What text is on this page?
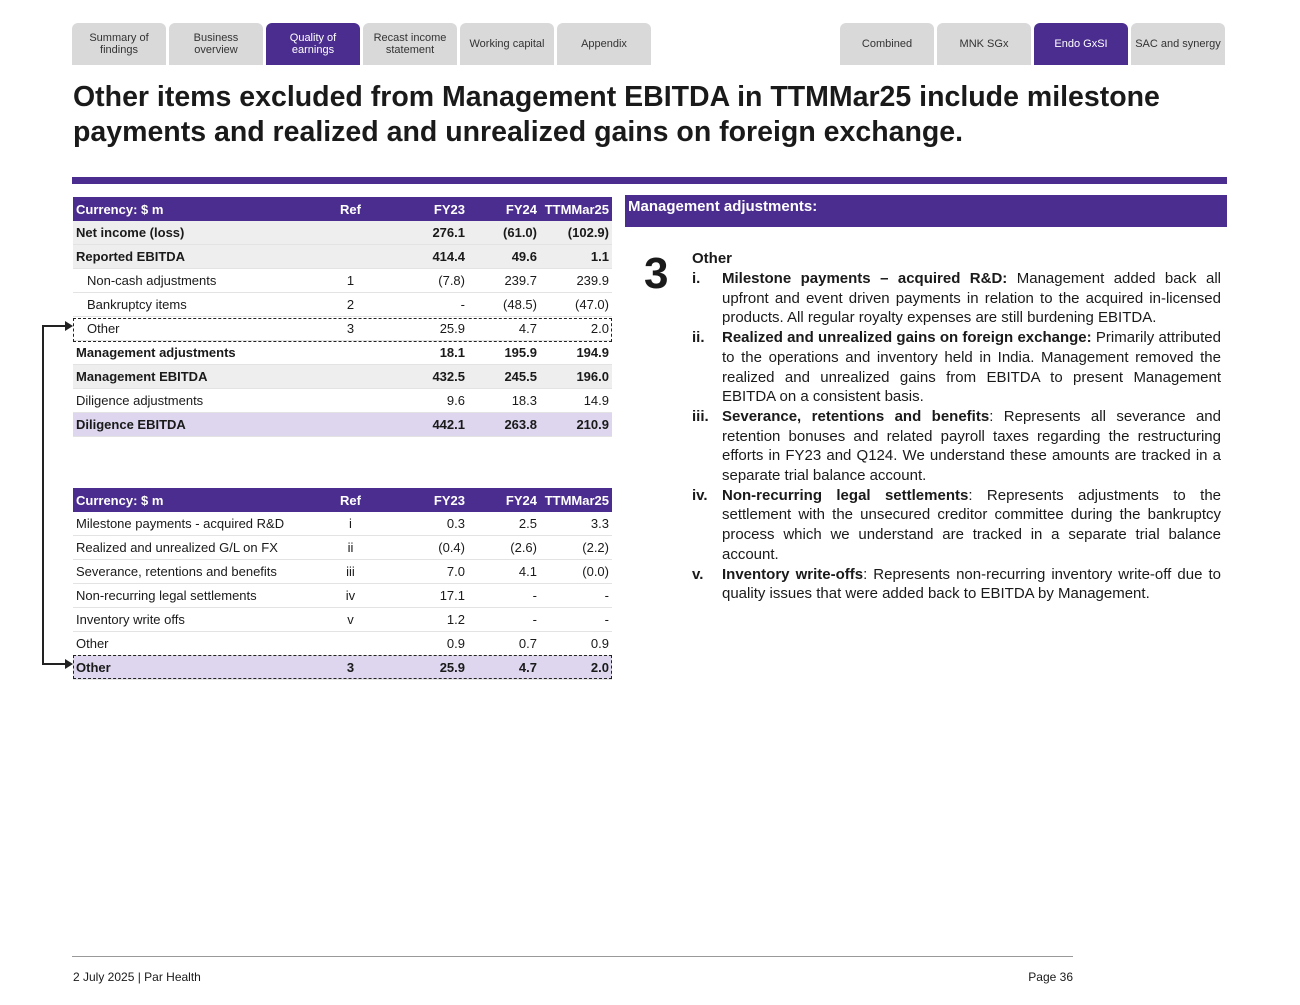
Summary of findings
Business overview
Quality of earnings
Recast income statement	Working capital	Appendix	Combined	MNK SGx	Endo GxSI	SAC and synergy
Other items excluded from Management EBITDA in TTMMar25 include milestone payments and realized and unrealized gains on foreign exchange.
Currency: $ m	Ref	FY23	FY24	TTMMar25
Net income (loss)		276.1	(61.0)	(102.9)
Reported EBITDA		414.4	49.6	1.1
Non-cash adjustments	1	(7.8)	239.7	239.9
Bankruptcy items	2	-	(48.5)	(47.0)
Other	3	25.9	4.7	2.0
Management adjustments		18.1	195.9	194.9
Management EBITDA		432.5	245.5	196.0
Diligence adjustments		9.6	18.3	14.9
Diligence EBITDA		442.1	263.8	210.9
Currency: $ m	Ref	FY23	FY24	TTMMar25
Milestone payments - acquired R&D	i	0.3	2.5	3.3
Realized and unrealized G/L on FX	ii	(0.4)	(2.6)	(2.2)
Severance, retentions and benefits	iii	7.0	4.1	(0.0)
Non-recurring legal settlements	iv	17.1	-	-
Inventory write offs	v	1.2	-	-
Other		0.9	0.7	0.9
Other	3	25.9	4.7	2.0
Management adjustments:
3 Other
i.	Milestone payments – acquired R&D: Management added back all upfront and event driven payments in relation to the acquired in-licensed products. All regular royalty expenses are still burdening EBITDA.
ii.	Realized and unrealized gains on foreign exchange: Primarily attributed to the operations and inventory held in India. Management removed the realized and unrealized gains from EBITDA to present Management EBITDA on a consistent basis.
iii. Severance, retentions and benefits: Represents all severance and retention bonuses and related payroll taxes regarding the restructuring efforts in FY23 and Q124. We understand these amounts are tracked in a separate trial balance account.
iv. Non-recurring legal settlements: Represents adjustments to the settlement with the unsecured creditor committee during the bankruptcy process which we understand are tracked in a separate trial balance account.
v.	Inventory write-offs: Represents non-recurring inventory write-off due to quality issues that were added back to EBITDA by Management.
2 July 2025 | Par Health	Page 36
